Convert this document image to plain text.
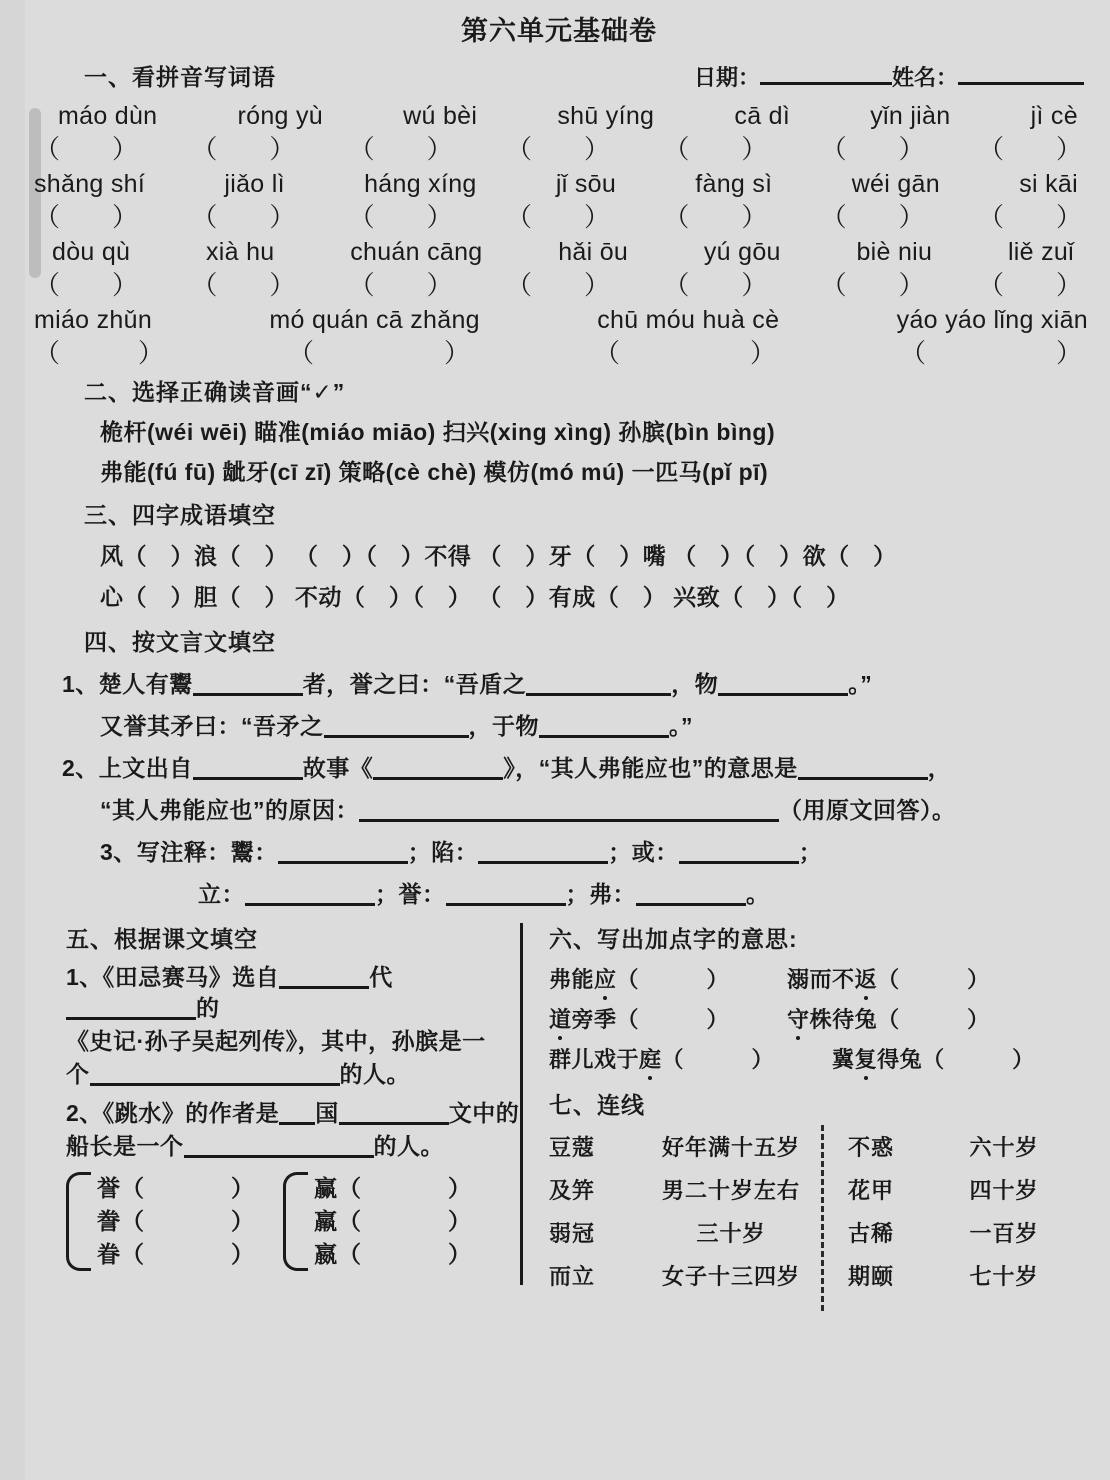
第六单元基础卷
一、看拼音写词语	日期：	姓名：
máo dùn	róng yù	wú bèi	shū yíng	cā dì	yǐn jiàn	jì cè
（　　） （　　） （　　） （　　） （　　） （　　） （　　）
shǎng shí	jiǎo lì	háng xíng	jǐ sōu	fàng sì	wéi gān	si kāi
（　　） （　　） （　　） （　　） （　　） （　　） （　　）
dòu qù	xià hu	chuán cāng	hǎi ōu	yú gōu	biè niu	liě zuǐ
（　　） （　　） （　　） （　　） （　　） （　　） （　　）
miáo zhǔn	mó quán cā zhǎng	chū móu huà cè	yáo yáo lǐng xiān
（　　　）	（　　　　　）	（　　　　　）	（　　　　　）
二、选择正确读音画“✓”
桅杆(wéi wēi) 瞄准(miáo miāo) 扫兴(xing xìng) 孙膑(bìn bìng)
弗能(fú fū) 龇牙(cī zī) 策略(cè chè) 模仿(mó mú) 一匹马(pǐ pī)
三、四字成语填空
风（　）浪（　） （　）（　）不得 （　）牙（　）嘴 （　）（　）欲（　）
心（　）胆（　） 不动（　）（　） （　）有成（　） 兴致（　）（　）
四、按文言文填空
1、楚人有鬻	者，誉之曰：“吾盾之	，物	。”
又誉其矛曰：“吾矛之	，于物	。”
2、上文出自	故事《	》，“其人弗能应也”的意思是	，
“其人弗能应也”的原因：	（用原文回答）。
3、写注释：鬻：	；陷：	；或：	；
立：	；誉：	；弗：	。
五、根据课文填空
1、《田忌赛马》选自	代的
《史记·孙子吴起列传》，其中，孙膑是一
个	的人。
2、《跳水》的作者是 国	文中的
船长是一个	的人。
誉（	）
誊（	）
眷（	）
赢（	）
羸（	）
嬴（	）
六、写出加点字的意思:
弗能应（　　　）	溺而不返（　　　）
道旁季（　　　）	守株待兔（　　　）
群儿戏于庭（　　　）	冀复得兔（　　　）
七、连线
豆蔻	好年满十五岁
及笄	男二十岁左右
弱冠	三十岁
而立	女子十三四岁
不惑	六十岁
花甲	四十岁
古稀	一百岁
期颐	七十岁
